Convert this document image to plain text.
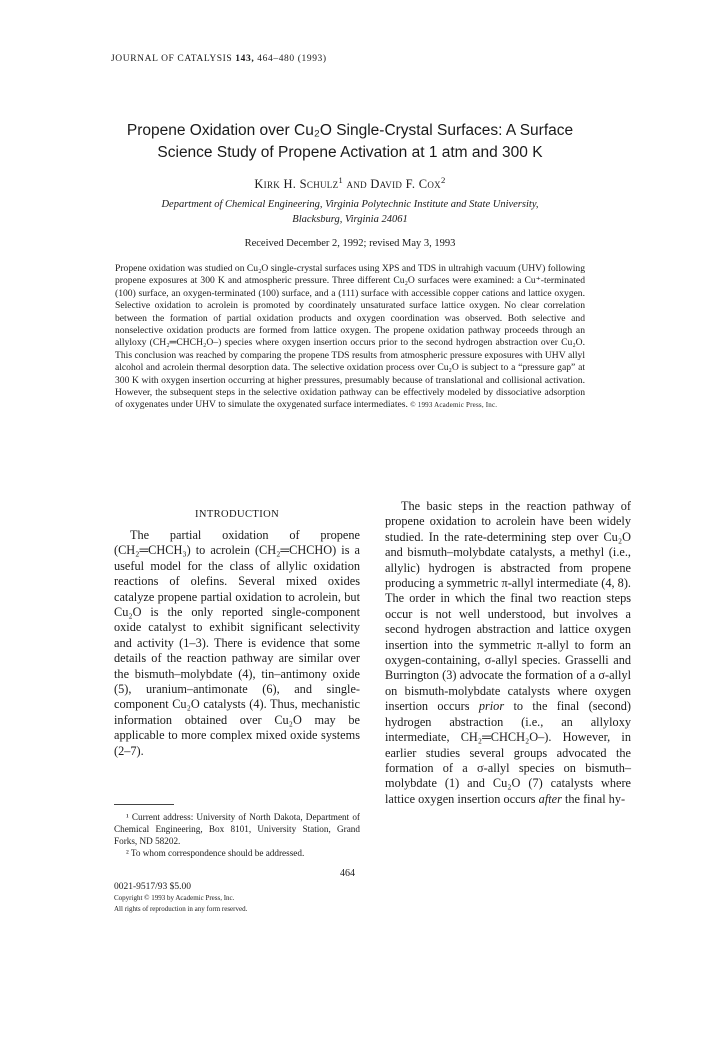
JOURNAL OF CATALYSIS 143, 464–480 (1993)
Propene Oxidation over Cu₂O Single-Crystal Surfaces: A Surface
Science Study of Propene Activation at 1 atm and 300 K
Kirk H. Schulz$^1$ and David F. Cox$^2$
Department of Chemical Engineering, Virginia Polytechnic Institute and State University,
Blacksburg, Virginia 24061
Received December 2, 1992; revised May 3, 1993
Propene oxidation was studied on Cu₂O single-crystal surfaces using XPS and TDS in ultrahigh vacuum (UHV) following propene exposures at 300 K and atmospheric pressure. Three different Cu₂O surfaces were examined: a Cu⁺-terminated (100) surface, an oxygen-terminated (100) surface, and a (111) surface with accessible copper cations and lattice oxygen. Selective oxidation to acrolein is promoted by coordinately unsaturated surface lattice oxygen. No clear correlation between the formation of partial oxidation products and oxygen coordination was observed. Both selective and nonselective oxidation products are formed from lattice oxygen. The propene oxidation pathway proceeds through an allyloxy (CH₂═CHCH₂O–) species where oxygen insertion occurs prior to the second hydrogen abstraction over Cu₂O. This conclusion was reached by comparing the propene TDS results from atmospheric pressure exposures with UHV allyl alcohol and acrolein thermal desorption data. The selective oxidation process over Cu₂O is subject to a “pressure gap” at 300 K with oxygen insertion occurring at higher pressures, presumably because of translational and collisional activation. However, the subsequent steps in the selective oxidation pathway can be effectively modeled by dissociative adsorption of oxygenates under UHV to simulate the oxygenated surface intermediates. © 1993 Academic Press, Inc.
INTRODUCTION

The partial oxidation of propene (CH₂═CHCH₃) to acrolein (CH₂═CHCHO) is a useful model for the class of allylic oxidation reactions of olefins. Several mixed oxides catalyze propene partial oxidation to acrolein, but Cu₂O is the only reported single-component oxide catalyst to exhibit significant selectivity and activity (1–3). There is evidence that some details of the reaction pathway are similar over the bismuth–molybdate (4), tin–antimony oxide (5), uranium–antimonate (6), and single-component Cu₂O catalysts (4). Thus, mechanistic information obtained over Cu₂O may be applicable to more complex mixed oxide systems (2–7).

¹ Current address: University of North Dakota, Department of Chemical Engineering, Box 8101, University Station, Grand Forks, ND 58202.

² To whom correspondence should be addressed.

The basic steps in the reaction pathway of propene oxidation to acrolein have been widely studied. In the rate-determining step over Cu₂O and bismuth–molybdate catalysts, a methyl (i.e., allylic) hydrogen is abstracted from propene producing a symmetric π-allyl intermediate (4, 8). The order in which the final two reaction steps occur is not well understood, but involves a second hydrogen abstraction and lattice oxygen insertion into the symmetric π-allyl to form an oxygen-containing, σ-allyl species. Grasselli and Burrington (3) advocate the formation of a σ-allyl on bismuth-molybdate catalysts where oxygen insertion occurs prior to the final (second) hydrogen abstraction (i.e., an allyloxy intermediate, CH₂═CHCH₂O–). However, in earlier studies several groups advocated the formation of a σ-allyl species on bismuth–molybdate (1) and Cu₂O (7) catalysts where lattice oxygen insertion occurs after the final hy-

464
0021-9517/93 $5.00
Copyright © 1993 by Academic Press, Inc.
All rights of reproduction in any form reserved.
